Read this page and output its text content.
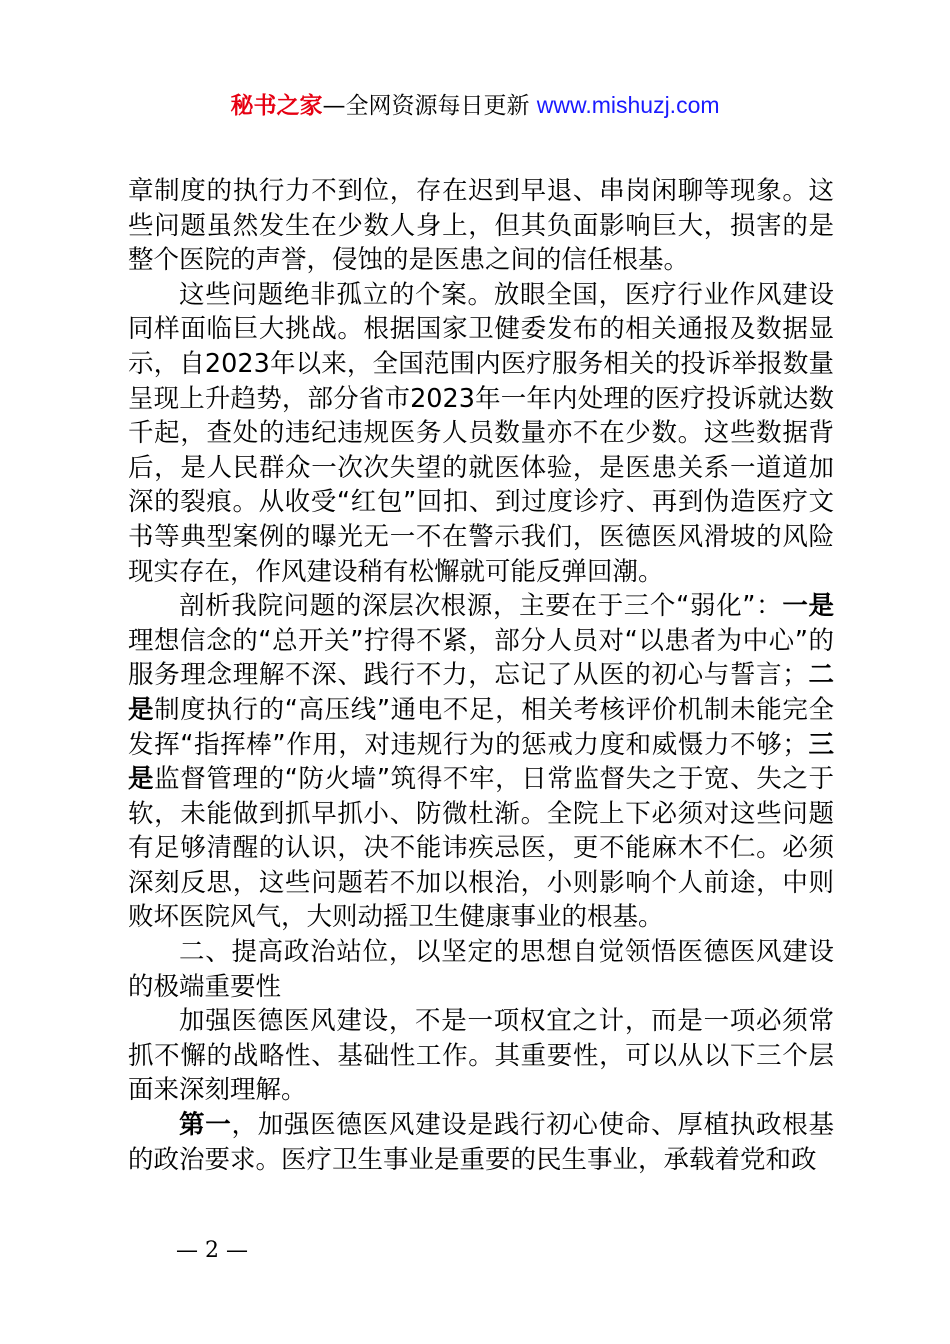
秘书之家—全网资源每日更新 www.mishuzj.com

章制度的执行力不到位，存在迟到早退、串岗闲聊等现象。这些问题虽然发生在少数人身上，但其负面影响巨大，损害的是整个医院的声誉，侵蚀的是医患之间的信任根基。

这些问题绝非孤立的个案。放眼全国，医疗行业作风建设同样面临巨大挑战。根据国家卫健委发布的相关通报及数据显示，自2023年以来，全国范围内医疗服务相关的投诉举报数量呈现上升趋势，部分省市2023年一年内处理的医疗投诉就达数千起，查处的违纪违规医务人员数量亦不在少数。这些数据背后，是人民群众一次次失望的就医体验，是医患关系一道道加深的裂痕。从收受“红包”回扣、到过度诊疗、再到伪造医疗文书等典型案例的曝光无一不在警示我们，医德医风滑坡的风险现实存在，作风建设稍有松懈就可能反弹回潮。

剖析我院问题的深层次根源，主要在于三个“弱化”：一是理想信念的“总开关”拧得不紧，部分人员对“以患者为中心”的服务理念理解不深、践行不力，忘记了从医的初心与誓言；二是制度执行的“高压线”通电不足，相关考核评价机制未能完全发挥“指挥棒”作用，对违规行为的惩戒力度和威慑力不够；三是监督管理的“防火墙”筑得不牢，日常监督失之于宽、失之于软，未能做到抓早抓小、防微杜渐。全院上下必须对这些问题有足够清醒的认识，决不能讳疾忌医，更不能麻木不仁。必须深刻反思，这些问题若不加以根治，小则影响个人前途，中则败坏医院风气，大则动摇卫生健康事业的根基。

二、提高政治站位，以坚定的思想自觉领悟医德医风建设的极端重要性

加强医德医风建设，不是一项权宜之计，而是一项必须常抓不懈的战略性、基础性工作。其重要性，可以从以下三个层面来深刻理解。

第一，加强医德医风建设是践行初心使命、厚植执政根基的政治要求。医疗卫生事业是重要的民生事业，承载着党和政

— 2 —
